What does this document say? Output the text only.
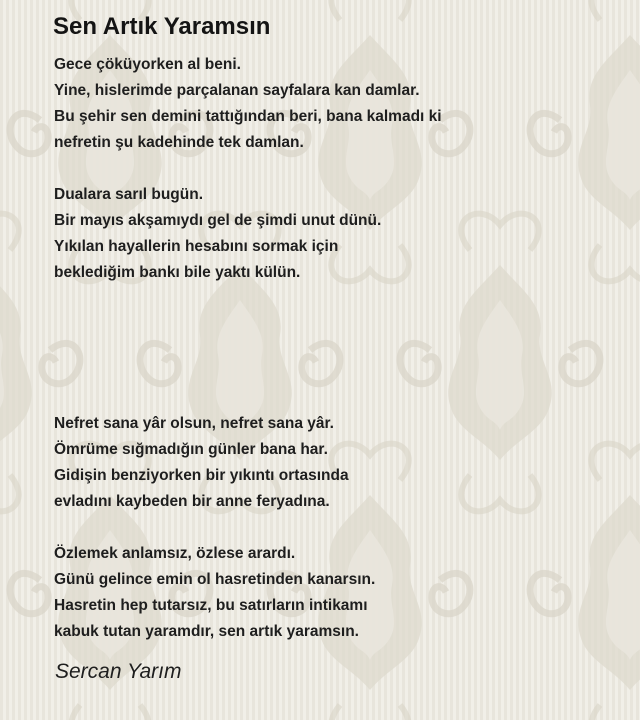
Sen Artık Yaramsın
Gece çöküyorken al beni.
Yine, hislerimde parçalanan sayfalara kan damlar.
Bu şehir sen demini tattığından beri, bana kalmadı ki
nefretin şu kadehinde tek damlan.
Dualara sarıl bugün.
Bir mayıs akşamıydı gel de şimdi unut dünü.
Yıkılan hayallerin hesabını sormak için
beklediğim bankı bile yaktı külün.
Nefret sana yâr olsun, nefret sana yâr.
Ömrüme sığmadığın günler bana har.
Gidişin benziyorken bir yıkıntı ortasında
evladını kaybeden bir anne feryadına.
Özlemek anlamsız, özlese arardı.
Günü gelince emin ol hasretinden kanarsın.
Hasretin hep tutarsız, bu satırların intikamı
kabuk tutan yaramdır, sen artık yaramsın.
Sercan Yarım
